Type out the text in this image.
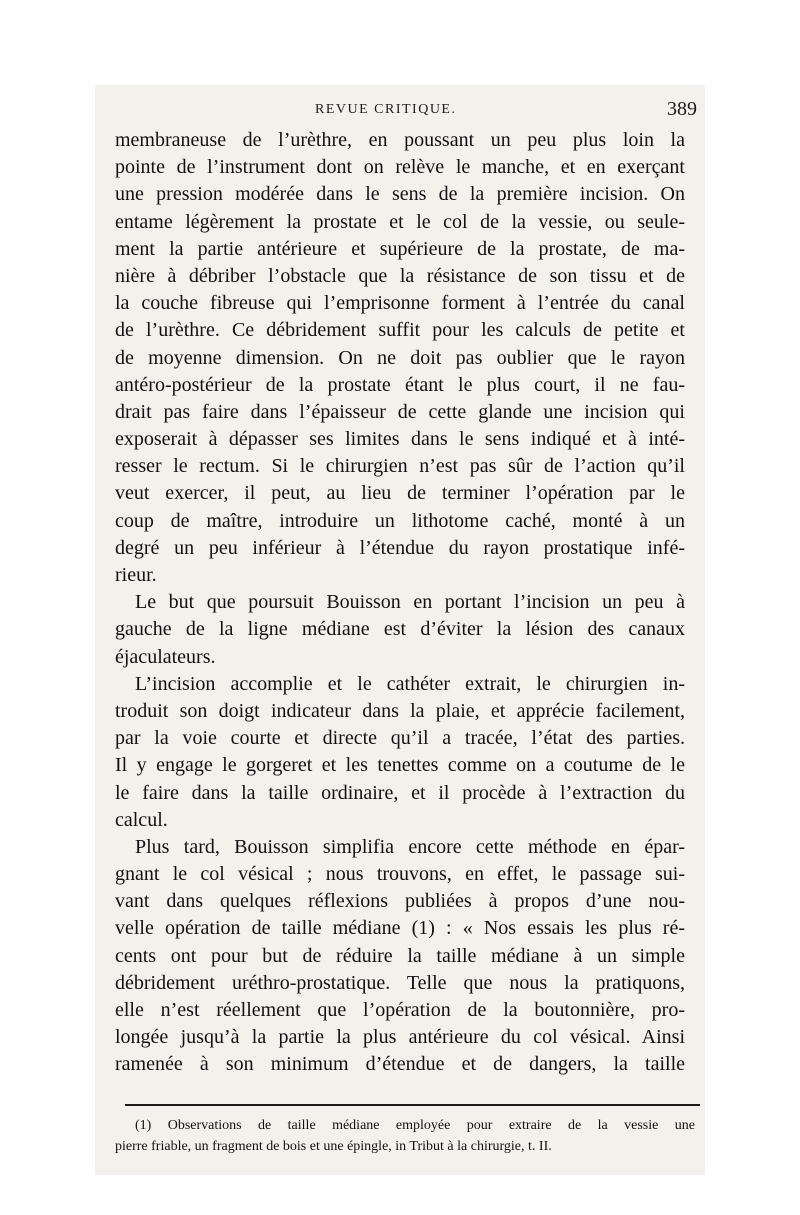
REVUE CRITIQUE.	389
membraneuse de l’urèthre, en poussant un peu plus loin la
pointe de l’instrument dont on relève le manche, et en exerçant
une pression modérée dans le sens de la première incision. On
entame légèrement la prostate et le col de la vessie, ou seule-
ment la partie antérieure et supérieure de la prostate, de ma-
nière à débriber l’obstacle que la résistance de son tissu et de
la couche fibreuse qui l’emprisonne forment à l’entrée du canal
de l’urèthre. Ce débridement suffit pour les calculs de petite et
de moyenne dimension. On ne doit pas oublier que le rayon
antéro-postérieur de la prostate étant le plus court, il ne fau-
drait pas faire dans l’épaisseur de cette glande une incision qui
exposerait à dépasser ses limites dans le sens indiqué et à inté-
resser le rectum. Si le chirurgien n’est pas sûr de l’action qu’il
veut exercer, il peut, au lieu de terminer l’opération par le
coup de maître, introduire un lithotome caché, monté à un
degré un peu inférieur à l’étendue du rayon prostatique infé-
rieur.
Le but que poursuit Bouisson en portant l’incision un peu à
gauche de la ligne médiane est d’éviter la lésion des canaux
éjaculateurs.
L’incision accomplie et le cathéter extrait, le chirurgien in-
troduit son doigt indicateur dans la plaie, et apprécie facilement,
par la voie courte et directe qu’il a tracée, l’état des parties.
Il y engage le gorgeret et les tenettes comme on a coutume de le
le faire dans la taille ordinaire, et il procède à l’extraction du
calcul.
Plus tard, Bouisson simplifia encore cette méthode en épar-
gnant le col vésical ; nous trouvons, en effet, le passage sui-
vant dans quelques réflexions publiées à propos d’une nou-
velle opération de taille médiane (1) : « Nos essais les plus ré-
cents ont pour but de réduire la taille médiane à un simple
débridement uréthro-prostatique. Telle que nous la pratiquons,
elle n’est réellement que l’opération de la boutonnière, pro-
longée jusqu’à la partie la plus antérieure du col vésical. Ainsi
ramenée à son minimum d’étendue et de dangers, la taille
(1) Observations de taille médiane employée pour extraire de la vessie une
pierre friable, un fragment de bois et une épingle, in Tribut à la chirurgie, t. II.
